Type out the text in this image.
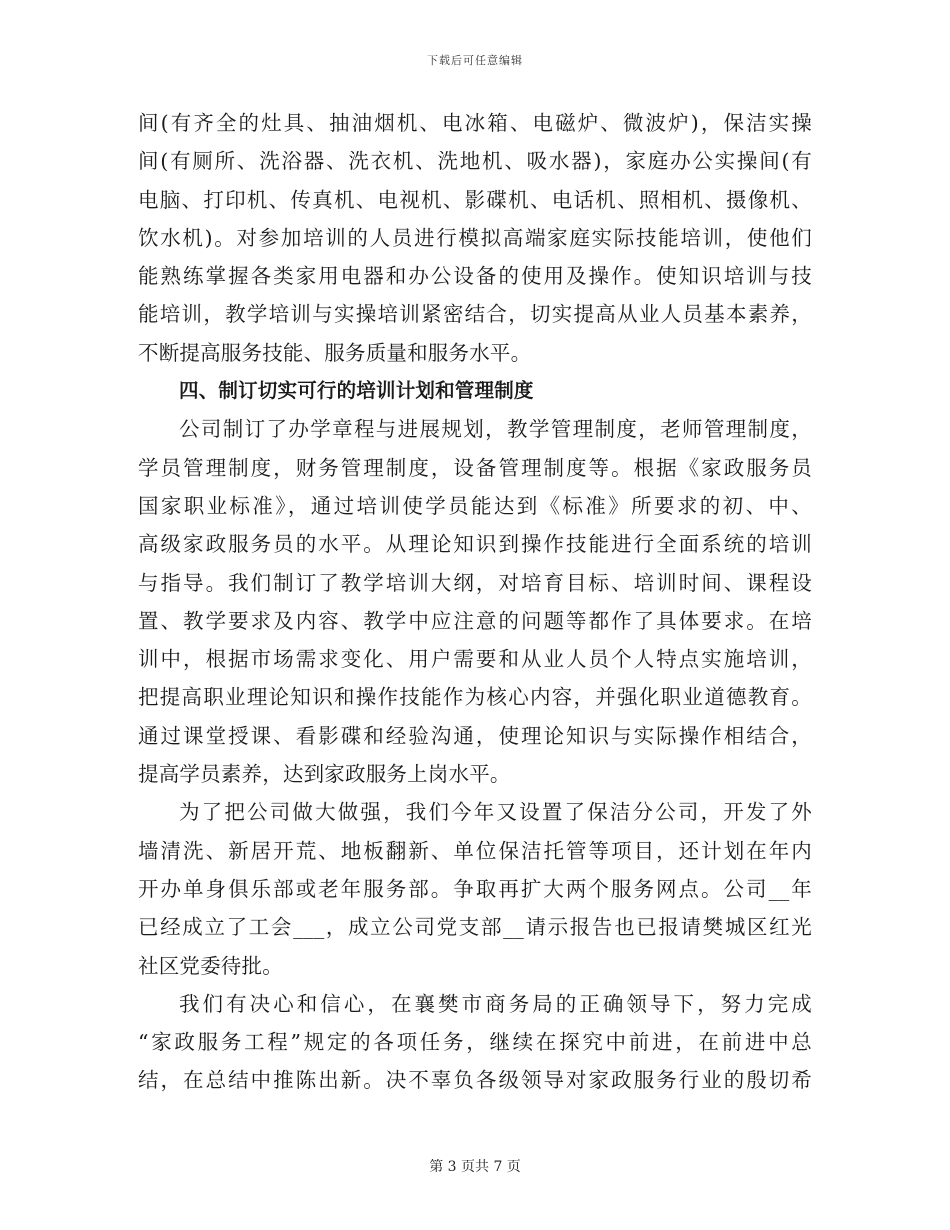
下载后可任意编辑
间(有齐全的灶具、抽油烟机、电冰箱、电磁炉、微波炉)，保洁实操
间(有厕所、洗浴器、洗衣机、洗地机、吸水器)，家庭办公实操间(有
电脑、打印机、传真机、电视机、影碟机、电话机、照相机、摄像机、
饮水机)。对参加培训的人员进行模拟高端家庭实际技能培训，使他们
能熟练掌握各类家用电器和办公设备的使用及操作。使知识培训与技
能培训，教学培训与实操培训紧密结合，切实提高从业人员基本素养，
不断提高服务技能、服务质量和服务水平。
四、制订切实可行的培训计划和管理制度
公司制订了办学章程与进展规划，教学管理制度，老师管理制度，
学员管理制度，财务管理制度，设备管理制度等。根据《家政服务员
国家职业标准》，通过培训使学员能达到《标准》所要求的初、中、
高级家政服务员的水平。从理论知识到操作技能进行全面系统的培训
与指导。我们制订了教学培训大纲，对培育目标、培训时间、课程设
置、教学要求及内容、教学中应注意的问题等都作了具体要求。在培
训中，根据市场需求变化、用户需要和从业人员个人特点实施培训，
把提高职业理论知识和操作技能作为核心内容，并强化职业道德教育。
通过课堂授课、看影碟和经验沟通，使理论知识与实际操作相结合，
提高学员素养，达到家政服务上岗水平。
为了把公司做大做强，我们今年又设置了保洁分公司，开发了外
墙清洗、新居开荒、地板翻新、单位保洁托管等项目，还计划在年内
开办单身俱乐部或老年服务部。争取再扩大两个服务网点。公司__年
已经成立了工会___，成立公司党支部__请示报告也已报请樊城区红光
社区党委待批。
我们有决心和信心，在襄樊市商务局的正确领导下，努力完成
“家政服务工程”规定的各项任务，继续在探究中前进，在前进中总
结，在总结中推陈出新。决不辜负各级领导对家政服务行业的殷切希
第 3 页共 7 页
